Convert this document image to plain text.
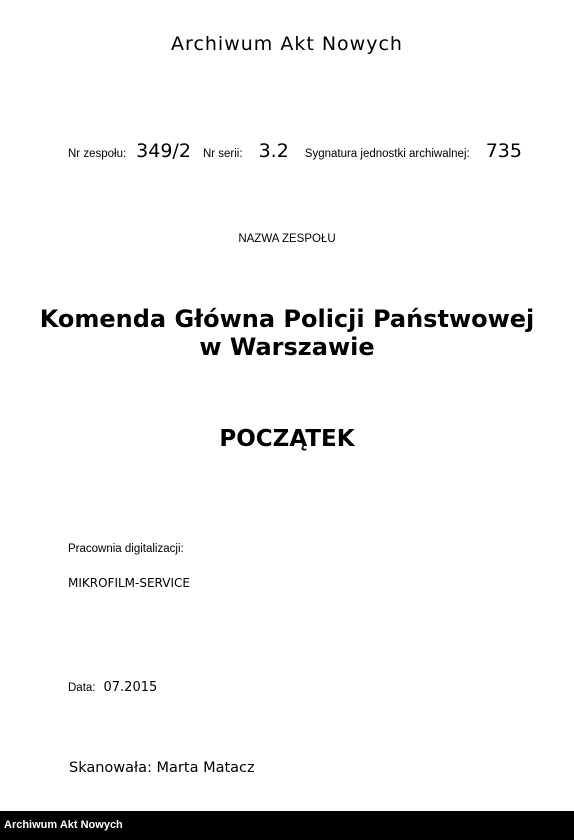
Archiwum Akt Nowych
Nr zespołu: 349/2 Nr serii: 3.2 Sygnatura jednostki archiwalnej: 735
NAZWA ZESPOŁU
Komenda Główna Policji Państwowej
w Warszawie
POCZĄTEK
Pracownia digitalizacji:
MIKROFILM-SERVICE
Data: 07.2015
Skanowała: Marta Matacz
Archiwum Akt Nowych
